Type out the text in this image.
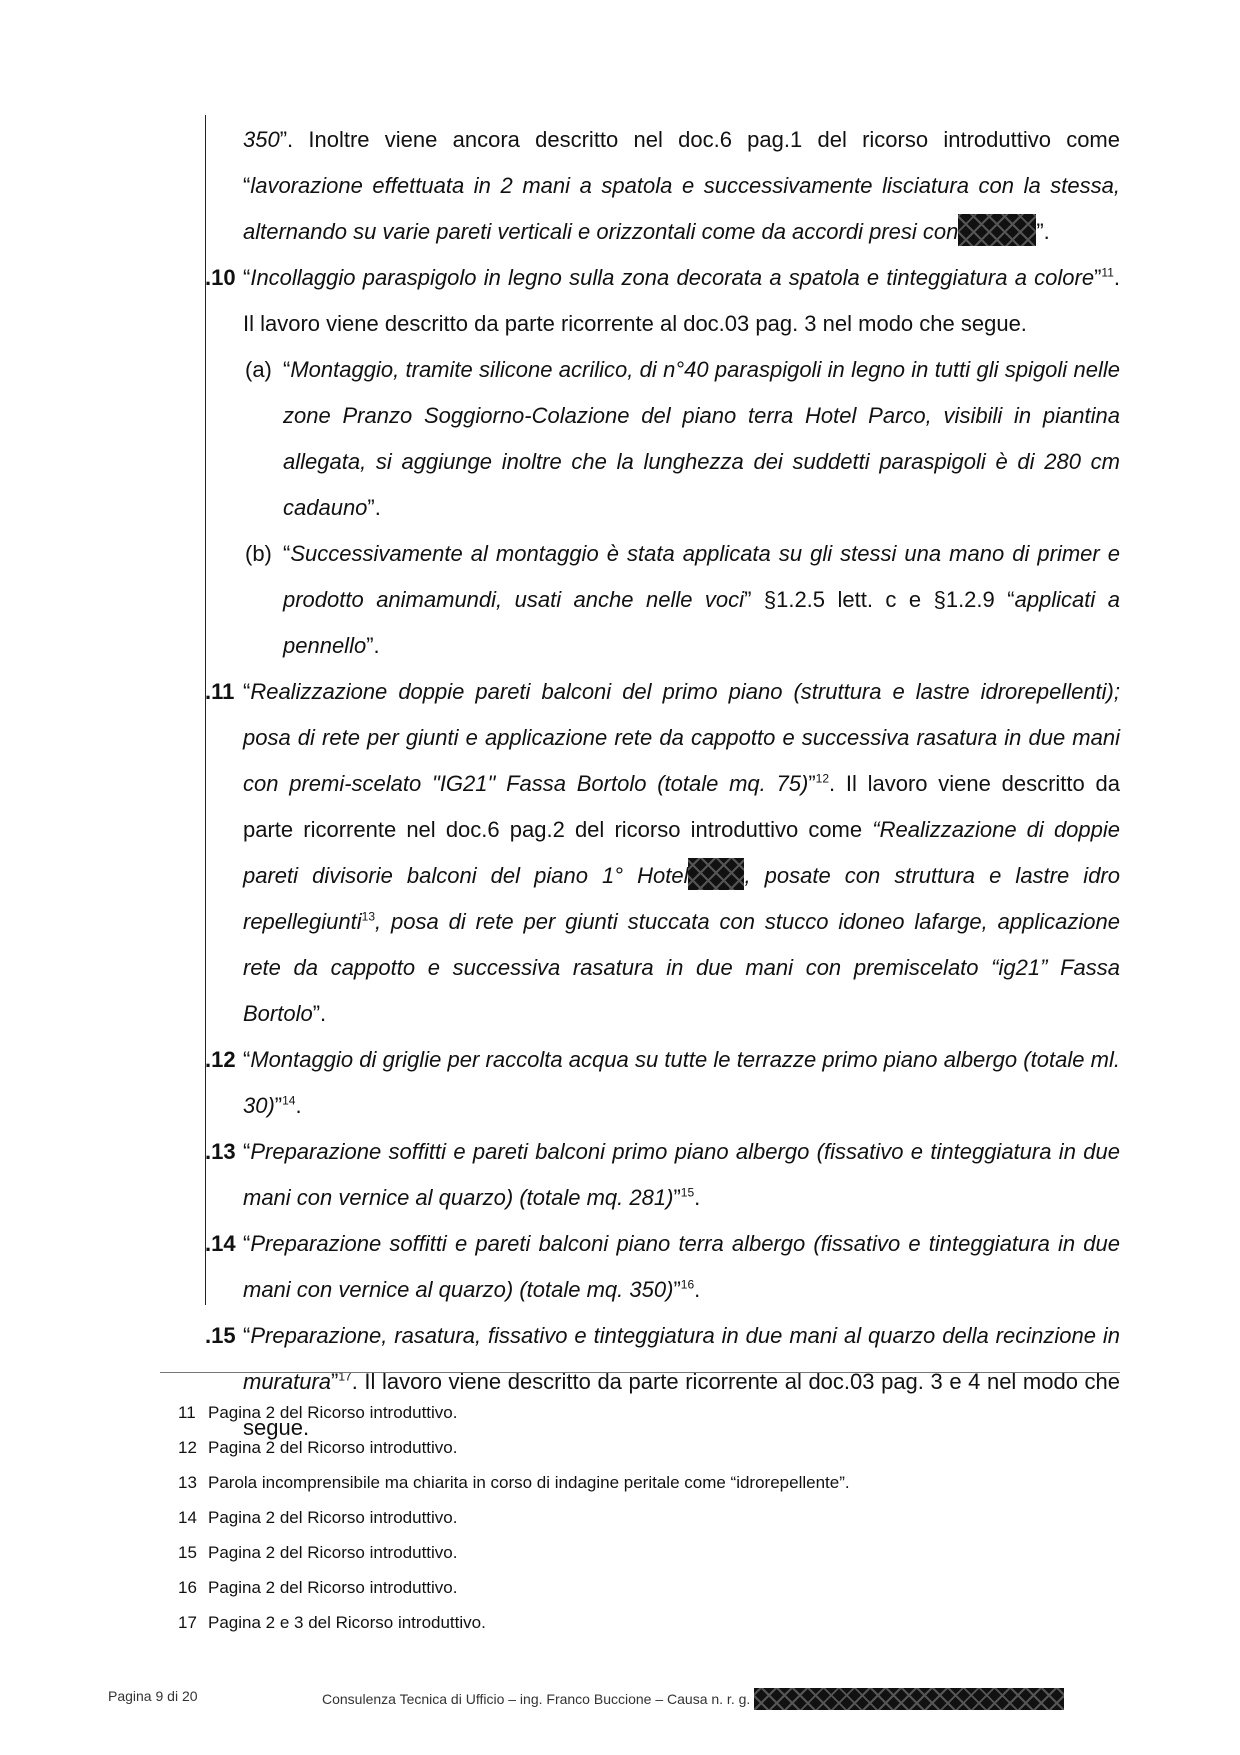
350”. Inoltre viene ancora descritto nel doc.6 pag.1 del ricorso introduttivo come “lavorazione effettuata in 2 mani a spatola e successivamente lisciatura con la stessa, alternando su varie pareti verticali e orizzontali come da accordi presi con	”.

.10 “Incollaggio paraspigolo in legno sulla zona decorata a spatola e tinteggiatura a colore”$^{11}$. Il lavoro viene descritto da parte ricorrente al doc.03 pag. 3 nel modo che segue.

(a) “Montaggio, tramite silicone acrilico, di n°40 paraspigoli in legno in tutti gli spigoli nelle zone Pranzo Soggiorno-Colazione del piano terra Hotel Parco, visibili in piantina allegata, si aggiunge inoltre che la lunghezza dei suddetti paraspigoli è di 280 cm cadauno”.

(b) “Successivamente al montaggio è stata applicata su gli stessi una mano di primer e prodotto animamundi, usati anche nelle voci” §1.2.5 lett. c e §1.2.9 “applicati a pennello”.

.11 “Realizzazione doppie pareti balconi del primo piano (struttura e lastre idrorepellenti); posa di rete per giunti e applicazione rete da cappotto e successiva rasatura in due mani con premi-scelato "IG21" Fassa Bortolo (totale mq. 75)”$^{12}$. Il lavoro viene descritto da parte ricorrente nel doc.6 pag.2 del ricorso introduttivo come “Realizzazione di doppie pareti divisorie balconi del piano 1° Hotel	, posate con struttura e lastre idro repellegiunti$^{13}$, posa di rete per giunti stuccata con stucco idoneo lafarge, applicazione rete da cappotto e successiva rasatura in due mani con premiscelato “ig21” Fassa Bortolo”.

.12 “Montaggio di griglie per raccolta acqua su tutte le terrazze primo piano albergo (totale ml. 30)”$^{14}$.

.13 “Preparazione soffitti e pareti balconi primo piano albergo (fissativo e tinteggiatura in due mani con vernice al quarzo) (totale mq. 281)”$^{15}$.

.14 “Preparazione soffitti e pareti balconi piano terra albergo (fissativo e tinteggiatura in due mani con vernice al quarzo) (totale mq. 350)”$^{16}$.

.15 “Preparazione, rasatura, fissativo e tinteggiatura in due mani al quarzo della recinzione in muratura”$^{17}$. Il lavoro viene descritto da parte ricorrente al doc.03 pag. 3 e 4 nel modo che segue.

11 Pagina 2 del Ricorso introduttivo.
12 Pagina 2 del Ricorso introduttivo.
13 Parola incomprensibile ma chiarita in corso di indagine peritale come “idrorepellente”.
14 Pagina 2 del Ricorso introduttivo.
15 Pagina 2 del Ricorso introduttivo.
16 Pagina 2 del Ricorso introduttivo.
17 Pagina 2 e 3 del Ricorso introduttivo.
Pagina 9 di 20	Consulenza Tecnica di Ufficio – ing. Franco Buccione – Causa n. r. g.
